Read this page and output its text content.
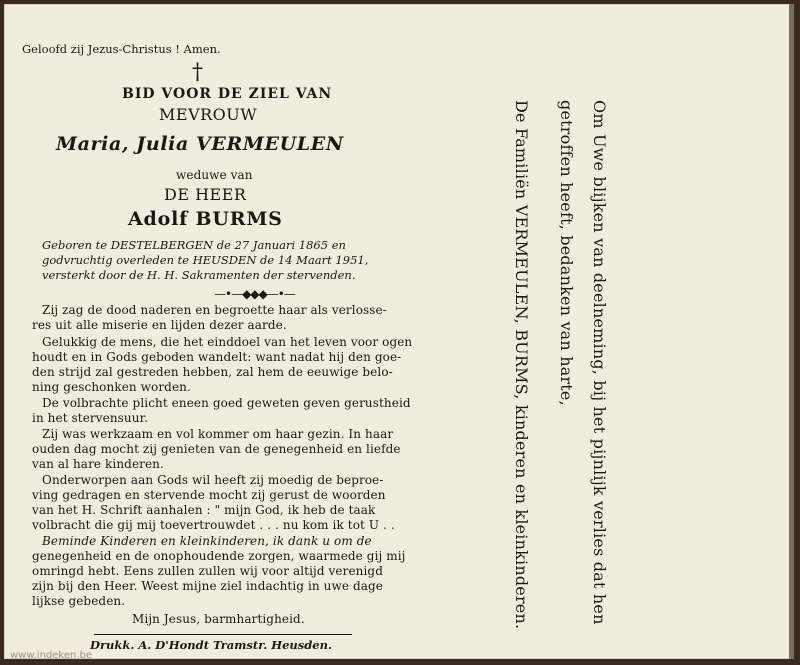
Geloofd zij Jezus-Christus ! Amen.
†
BID VOOR DE ZIEL VAN
MEVROUW
Maria, Julia VERMEULEN
weduwe van
DE HEER
Adolf BURMS
Geboren te DESTELBERGEN de 27 Januari 1865 en
godvruchtig overleden te HEUSDEN de 14 Maart 1951,
versterkt door de H. H. Sakramenten der stervenden.
—•—◆◆◆—•—
Zij zag de dood naderen en begroette haar als verlosse-
res uit alle miserie en lijden dezer aarde.
Gelukkig de mens, die het einddoel van het leven voor ogen
houdt en in Gods geboden wandelt: want nadat hij den goe-
den strijd zal gestreden hebben, zal hem de eeuwige belo-
ning geschonken worden.
De volbrachte plicht eneen goed geweten geven gerustheid
in het stervensuur.
Zij was werkzaam en vol kommer om haar gezin. In haar
ouden dag mocht zij genieten van de genegenheid en liefde
van al hare kinderen.
Onderworpen aan Gods wil heeft zij moedig de beproe-
ving gedragen en stervende mocht zij gerust de woorden
van het H. Schrift aanhalen : " mijn God, ik heb de taak
volbracht die gij mij toevertrouwdet . . . nu kom ik tot U . .
Beminde Kinderen en kleinkinderen, ik dank u om de
genegenheid en de onophoudende zorgen, waarmede gij mij
omringd hebt. Eens zullen zullen wij voor altijd verenigd
zijn bij den Heer. Weest mijne ziel indachtig in uwe dage
lijkse gebeden.
Mijn Jesus, barmhartigheid.
Drukk. A. D'Hondt Tramstr. Heusden.
www.indeken.be
Om Uwe blijken van deelneming, bij het pijnlijk verlies dat hen
getroffen heeft, bedanken van harte,
De Familiën VERMEULEN, BURMS, kinderen en kleinkinderen.
